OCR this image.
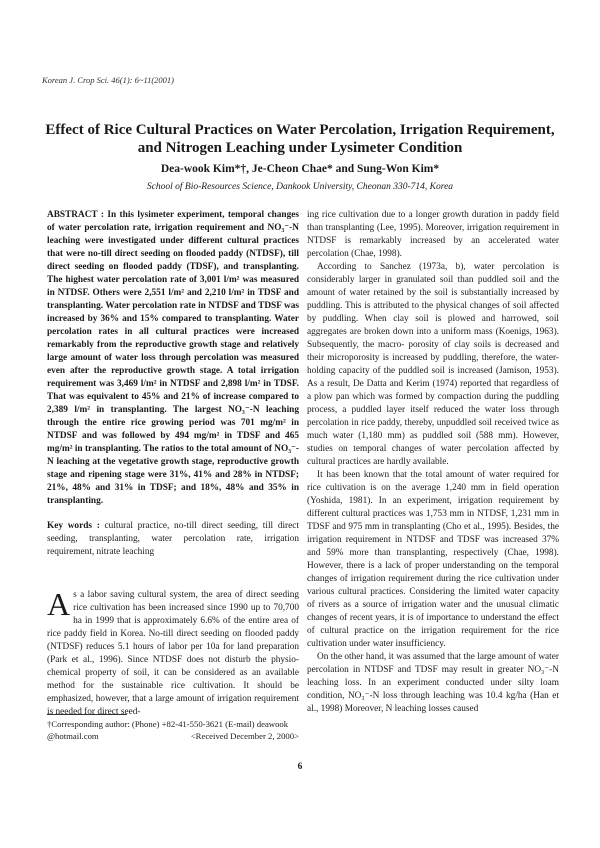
Korean J. Crop Sci. 46(1): 6~11(2001)
Effect of Rice Cultural Practices on Water Percolation, Irrigation Requirement,
and Nitrogen Leaching under Lysimeter Condition
Dea-wook Kim*†, Je-Cheon Chae* and Sung-Won Kim*
School of Bio-Resources Science, Dankook University, Cheonan 330-714, Korea

ABSTRACT : In this lysimeter experiment, temporal changes of water percolation rate, irrigation requirement and NO₃⁻-N leaching were investigated under different cultural practices that were no-till direct seeding on flooded paddy (NTDSF), till direct seeding on flooded paddy (TDSF), and transplanting. The highest water percolation rate of 3,001 l/m² was measured in NTDSF. Others were 2,551 l/m² and 2,210 l/m² in TDSF and transplanting. Water percolation rate in NTDSF and TDSF was increased by 36% and 15% compared to transplanting. Water percolation rates in all cultural practices were increased remarkably from the reproductive growth stage and relatively large amount of water loss through percolation was measured even after the reproductive growth stage. A total irrigation requirement was 3,469 l/m² in NTDSF and 2,898 l/m² in TDSF. That was equivalent to 45% and 21% of increase compared to 2,389 l/m² in transplanting. The largest NO₃⁻-N leaching through the entire rice growing period was 701 mg/m² in NTDSF and was followed by 494 mg/m² in TDSF and 465 mg/m² in transplanting. The ratios to the total amount of NO₃⁻-N leaching at the vegetative growth stage, reproductive growth stage and ripening stage were 31%, 41% and 28% in NTDSF; 21%, 48% and 31% in TDSF; and 18%, 48% and 35% in transplanting.

Key words : cultural practice, no-till direct seeding, till direct seeding, transplanting, water percolation rate, irrigation requirement, nitrate leaching

A s a labor saving cultural system, the area of direct seeding rice cultivation has been increased since 1990 up to 70,700 ha in 1999 that is approximately 6.6% of the entire area of rice paddy field in Korea. No-till direct seeding on flooded paddy (NTDSF) reduces 5.1 hours of labor per 10a for land preparation (Park et al., 1996). Since NTDSF does not disturb the physio-chemical property of soil, it can be considered as an available method for the sustainable rice cultivation. It should be emphasized, however, that a large amount of irrigation requirement is needed for direct seed-

ing rice cultivation due to a longer growth duration in paddy field than transplanting (Lee, 1995). Moreover, irrigation requirement in NTDSF is remarkably increased by an accelerated water percolation (Chae, 1998).

According to Sanchez (1973a, b), water percolation is considerably larger in granulated soil than puddled soil and the amount of water retained by the soil is substantially increased by puddling. This is attributed to the physical changes of soil affected by puddling. When clay soil is plowed and harrowed, soil aggregates are broken down into a uniform mass (Koenigs, 1963). Subsequently, the macro- porosity of clay soils is decreased and their microporosity is increased by puddling, therefore, the water-holding capacity of the puddled soil is increased (Jamison, 1953). As a result, De Datta and Kerim (1974) reported that regardless of a plow pan which was formed by compaction during the puddling process, a puddled layer itself reduced the water loss through percolation in rice paddy, thereby, unpuddled soil received twice as much water (1,180 mm) as puddled soil (588 mm). However, studies on temporal changes of water percolation affected by cultural practices are hardly available.

It has been known that the total amount of water required for rice cultivation is on the average 1,240 mm in field operation (Yoshida, 1981). In an experiment, irrigation requirement by different cultural practices was 1,753 mm in NTDSF, 1,231 mm in TDSF and 975 mm in transplanting (Cho et al., 1995). Besides, the irrigation requirement in NTDSF and TDSF was increased 37% and 59% more than transplanting, respectively (Chae, 1998). However, there is a lack of proper understanding on the temporal changes of irrigation requirement during the rice cultivation under various cultural practices. Considering the limited water capacity of rivers as a source of irrigation water and the unusual climatic changes of recent years, it is of importance to understand the effect of cultural practice on the irrigation requirement for the rice cultivation under water insufficiency.

On the other hand, it was assumed that the large amount of water percolation in NTDSF and TDSF may result in greater NO₃⁻-N leaching loss. In an experiment conducted under silty loam condition, NO₃⁻-N loss through leaching was 10.4 kg/ha (Han et al., 1998) Moreover, N leaching losses caused

†Corresponding author: (Phone) +82-41-550-3621 (E-mail) deawook
@hotmail.com	<Received December 2, 2000>
6
